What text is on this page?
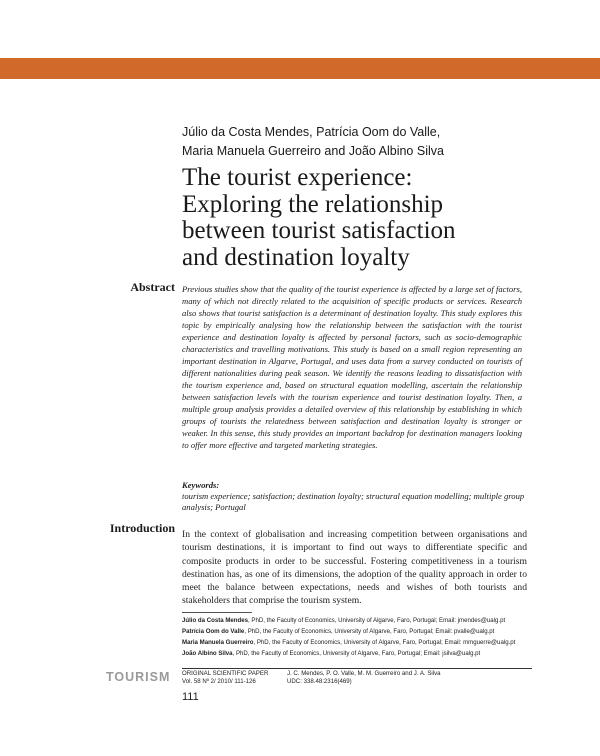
provided by Sa
Júlio da Costa Mendes, Patrícia Oom do Valle,
Maria Manuela Guerreiro and João Albino Silva
The tourist experience:
Exploring the relationship
between tourist satisfaction
and destination loyalty
Abstract Previous studies show that the quality of the tourist experience is affected by a large set of factors, many of which not directly related to the acquisition of specific products or services. Research also shows that tourist satisfaction is a determinant of destination loyalty. This study explores this topic by empirically analysing how the relationship between the satisfaction with the tourist experience and destination loyalty is affected by personal factors, such as socio-demographic characteristics and travelling motivations. This study is based on a small region representing an important destination in Algarve, Portugal, and uses data from a survey conducted on tourists of different nationalities during peak season. We identify the reasons leading to dissatisfaction with the tourism experience and, based on structural equation modelling, ascertain the relationship between satisfaction levels with the tourism experience and tourist destination loyalty. Then, a multiple group analysis provides a detailed overview of this relationship by establishing in which groups of tourists the relatedness between satisfaction and destination loyalty is stronger or weaker. In this sense, this study provides an important backdrop for destination managers looking to offer more effective and targeted marketing strategies.
Keywords:
tourism experience; satisfaction; destination loyalty; structural equation modelling; multiple group analysis; Portugal
Introduction In the context of globalisation and increasing competition between organisations and tourism destinations, it is important to find out ways to differentiate specific and composite products in order to be successful. Fostering competitiveness in a tourism destination has, as one of its dimensions, the adoption of the quality approach in order to meet the balance between expectations, needs and wishes of both tourists and stakeholders that comprise the tourism system.
Júlio da Costa Mendes, PhD, the Faculty of Economics, University of Algarve, Faro, Portugal; Email: jmendes@ualg.pt
Patrícia Oom do Valle, PhD, the Faculty of Economics, University of Algarve, Faro, Portugal; Email: pvalle@ualg.pt
Maria Manuela Guerreiro, PhD, the Faculty of Economics, University of Algarve, Faro, Portugal; Email: mmguerre@ualg.pt
João Albino Silva, PhD, the Faculty of Economics, University of Algarve, Faro, Portugal; Email: jsilva@ualg.pt
TOURISM ORIGINAL SCIENTIFIC PAPER
Vol. 58 Nº 2/ 2010/ 111-126
J. C. Mendes, P. O. Valle, M. M. Guerreiro and J. A. Silva
UDC: 338.48:2316(469)
111
